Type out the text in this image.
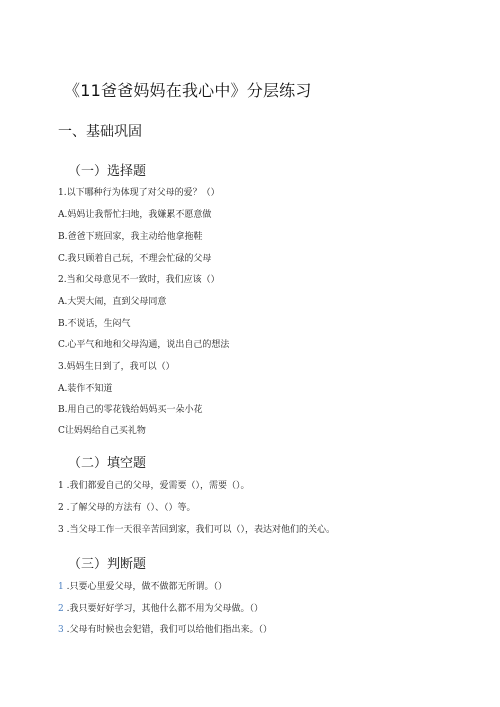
《11爸爸妈妈在我心中》分层练习
一、基础巩固
（一）选择题
1.以下哪种行为体现了对父母的爱？（）
A.妈妈让我帮忙扫地，我嫌累不愿意做
B.爸爸下班回家，我主动给他拿拖鞋
C.我只顾着自己玩，不理会忙碌的父母
2.当和父母意见不一致时，我们应该（）
A.大哭大闹，直到父母同意
B.不说话，生闷气
C.心平气和地和父母沟通，说出自己的想法
3.妈妈生日到了，我可以（）
A.装作不知道
B.用自己的零花钱给妈妈买一朵小花
C让妈妈给自己买礼物
（二）填空题
1 .我们都爱自己的父母，爱需要（），需要（）。
2 .了解父母的方法有（）、（）等。
3 .当父母工作一天很辛苦回到家，我们可以（），表达对他们的关心。
（三）判断题
1 .只要心里爱父母，做不做都无所谓。（）
2 .我只要好好学习，其他什么都不用为父母做。（）
3 .父母有时候也会犯错，我们可以给他们指出来。（）
